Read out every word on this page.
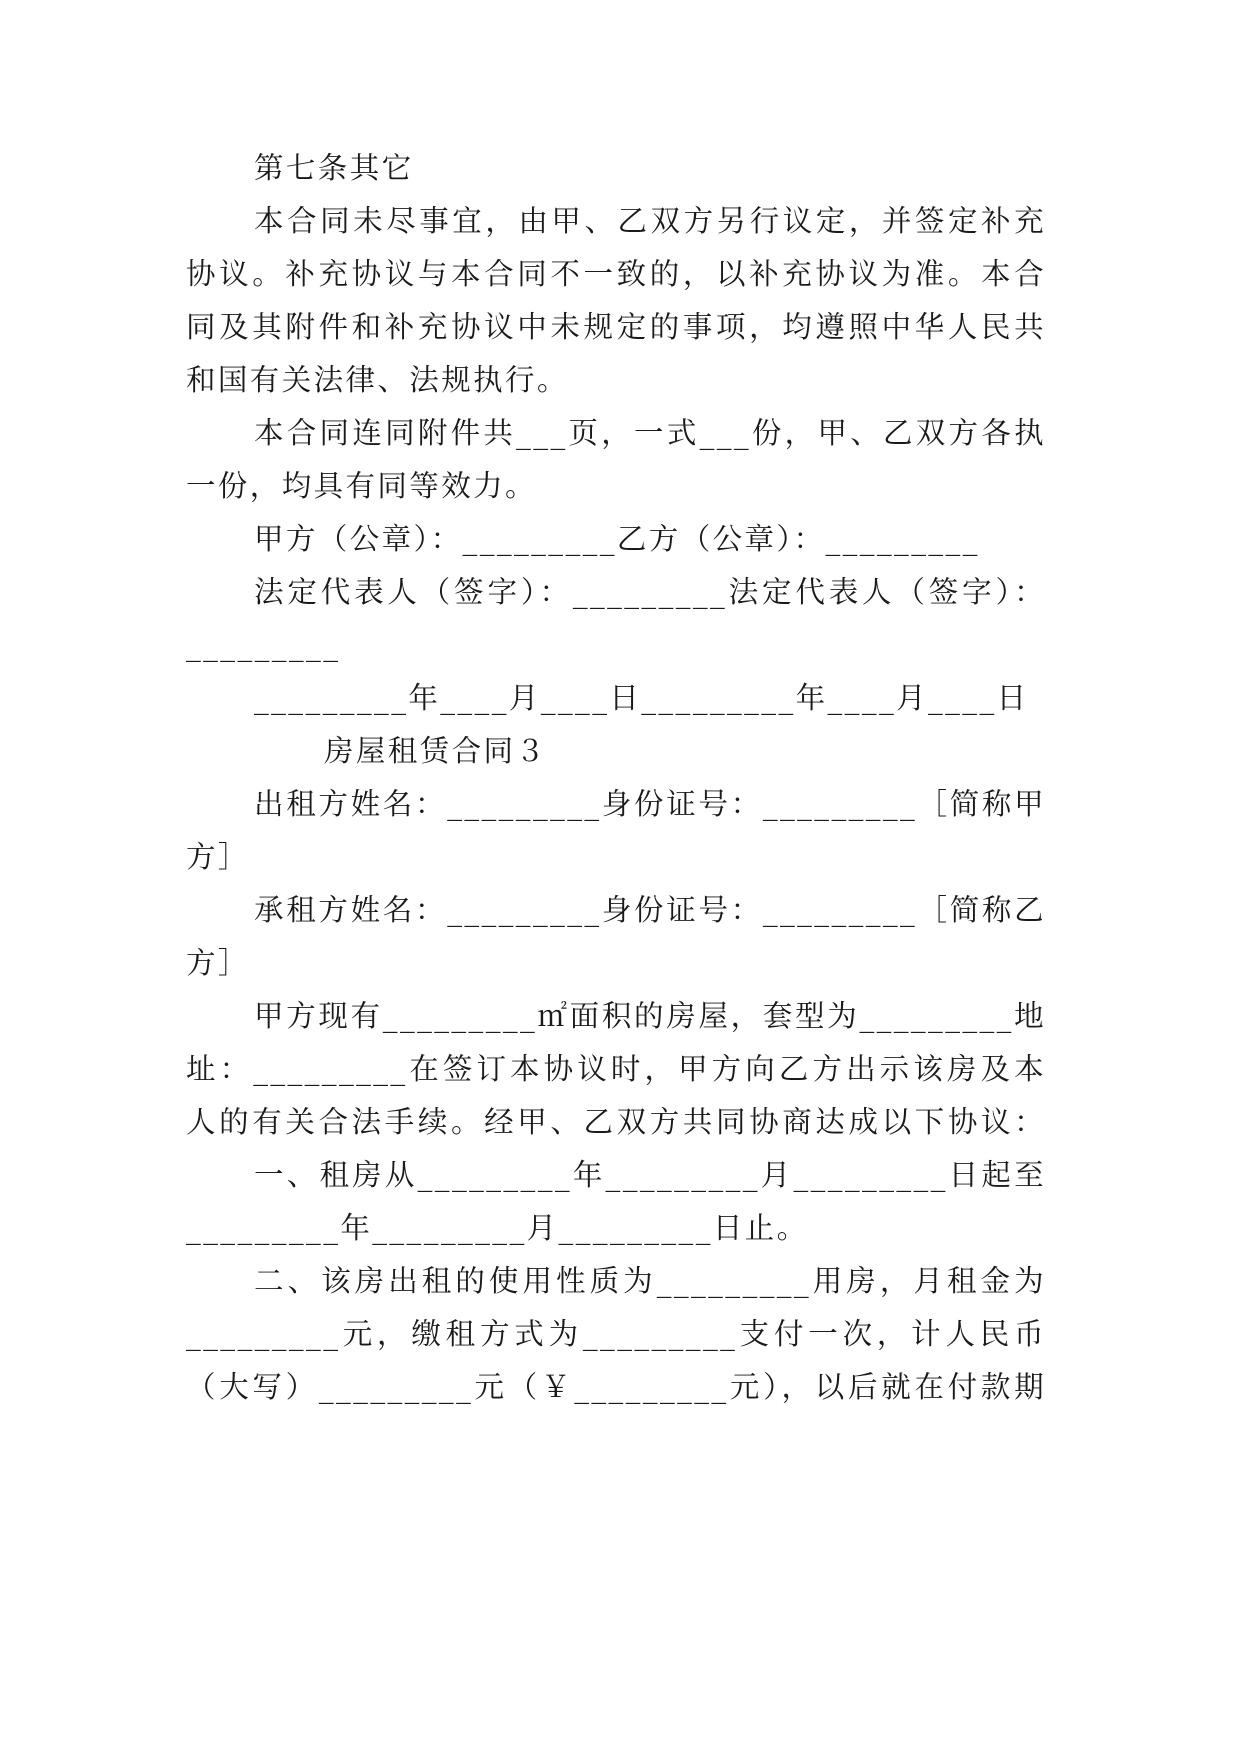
第七条其它
本合同未尽事宜，由甲、乙双方另行议定，并签定补充
协议。补充协议与本合同不一致的，以补充协议为准。本合
同及其附件和补充协议中未规定的事项，均遵照中华人民共
和国有关法律、法规执行。
本合同连同附件共___页，一式___份，甲、乙双方各执
一份，均具有同等效力。
甲方（公章）：_________乙方（公章）：_________
法定代表人（签字）：_________法定代表人（签字）：
_________
_________年____月____日_________年____月____日
房屋租赁合同３
出租方姓名：_________身份证号：_________［简称甲
方］
承租方姓名：_________身份证号：_________［简称乙
方］
甲方现有_________㎡面积的房屋，套型为_________地
址：_________在签订本协议时，甲方向乙方出示该房及本
人的有关合法手续。经甲、乙双方共同协商达成以下协议：
一、租房从_________年_________月_________日起至
_________年_________月_________日止。
二、该房出租的使用性质为_________用房，月租金为
_________元，缴租方式为_________支付一次，计人民币
（大写）_________元（￥_________元），以后就在付款期
